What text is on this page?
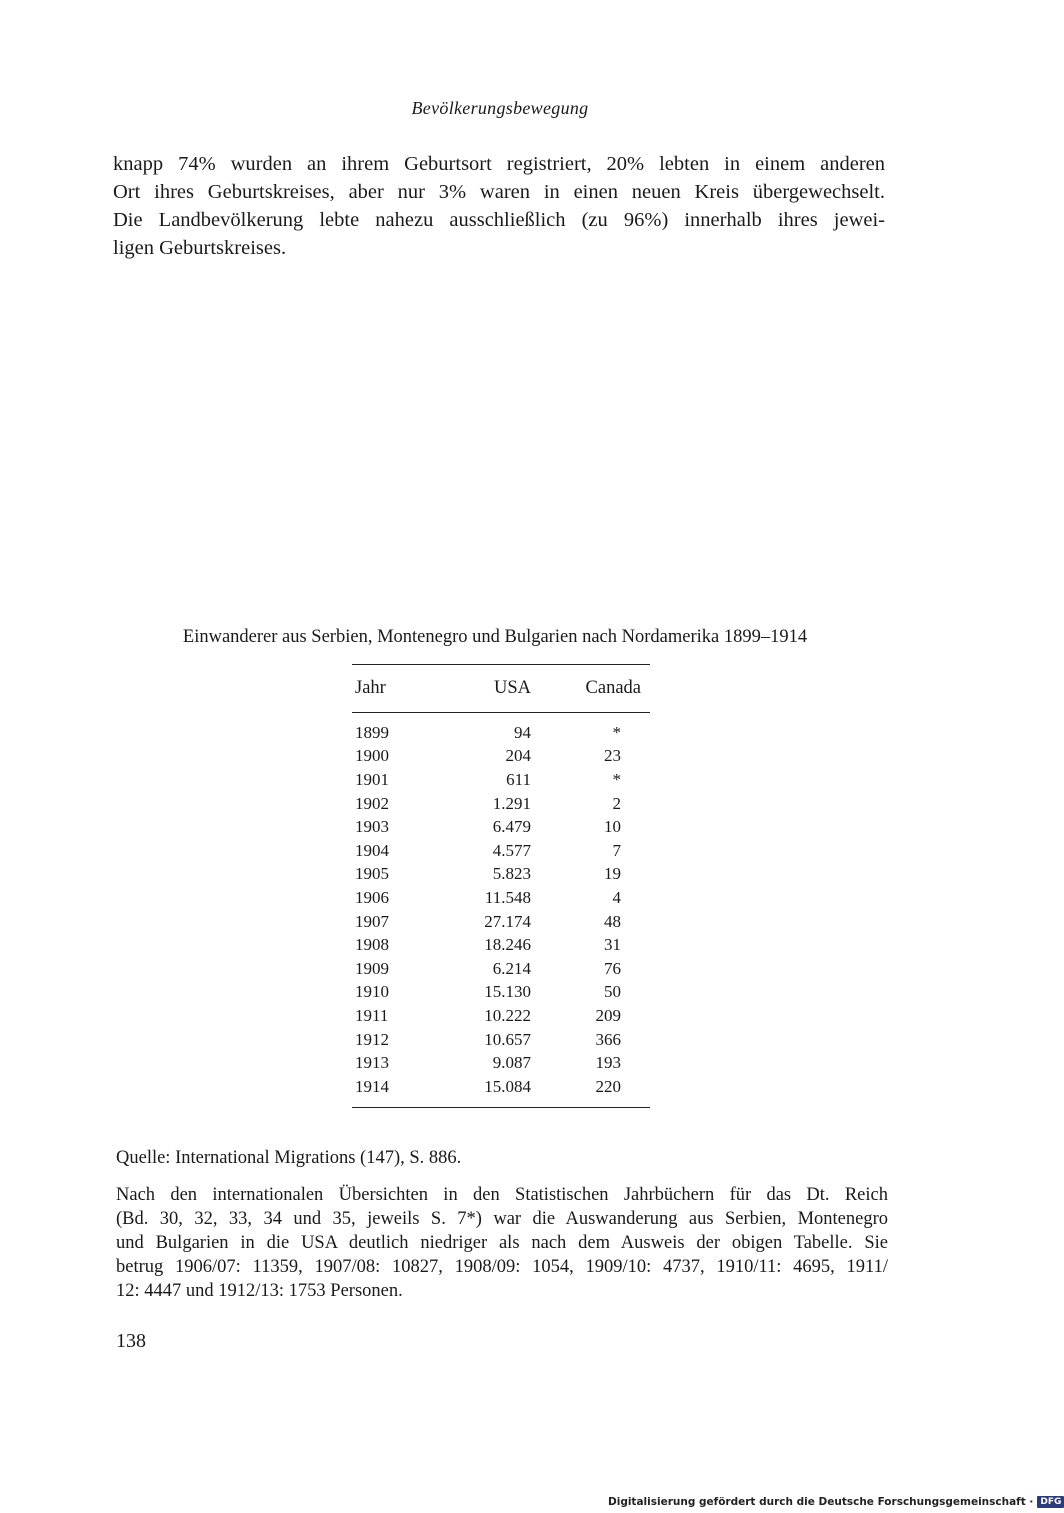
Bevölkerungsbewegung

knapp 74% wurden an ihrem Geburtsort registriert, 20% lebten in einem anderen
Ort ihres Geburtskreises, aber nur 3% waren in einen neuen Kreis übergewechselt.
Die Landbevölkerung lebte nahezu ausschließlich (zu 96%) innerhalb ihres jewei-
ligen Geburtskreises.

Einwanderer aus Serbien, Montenegro und Bulgarien nach Nordamerika 1899–1914
Jahr	USA	Canada
1899	94	*
1900	204	23
1901	611	*
1902	1.291	2
1903	6.479	10
1904	4.577	7
1905	5.823	19
1906	11.548	4
1907	27.174	48
1908	18.246	31
1909	6.214	76
1910	15.130	50
1911	10.222	209
1912	10.657	366
1913	9.087	193
1914	15.084	220
Quelle: International Migrations (147), S. 886.

Nach den internationalen Übersichten in den Statistischen Jahrbüchern für das Dt. Reich
(Bd. 30, 32, 33, 34 und 35, jeweils S. 7*) war die Auswanderung aus Serbien, Montenegro
und Bulgarien in die USA deutlich niedriger als nach dem Ausweis der obigen Tabelle. Sie
betrug 1906/07: 11359, 1907/08: 10827, 1908/09: 1054, 1909/10: 4737, 1910/11: 4695, 1911/
12: 4447 und 1912/13: 1753 Personen.

138
Digitalisierung gefördert durch die Deutsche Forschungsgemeinschaft · DFG
